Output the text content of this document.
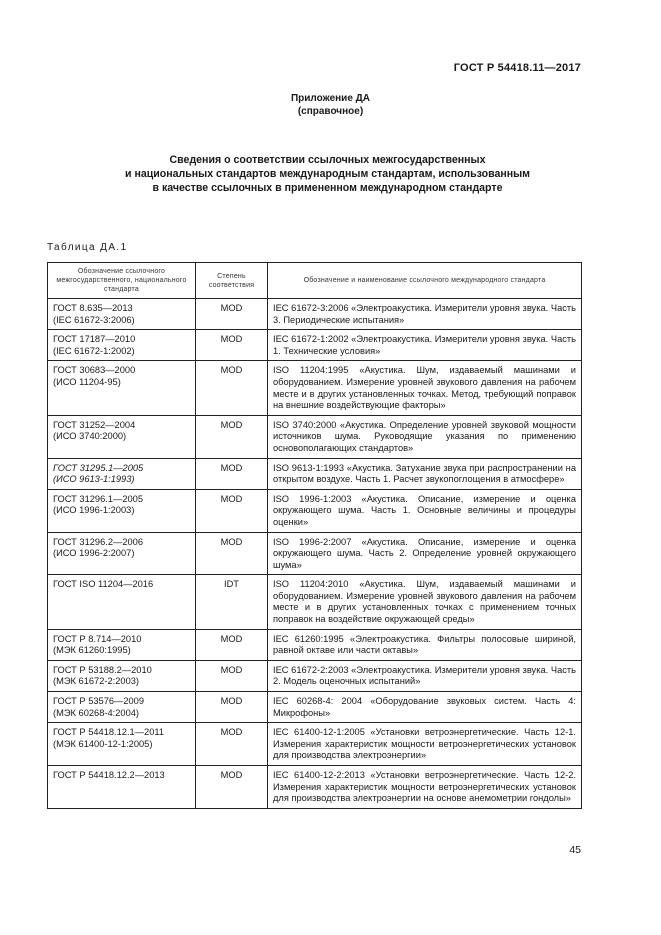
ГОСТ Р 54418.11—2017
Приложение ДА
(справочное)
Сведения о соответствии ссылочных межгосударственных
и национальных стандартов международным стандартам, использованным
в качестве ссылочных в примененном международном стандарте
Таблица ДА.1
Обозначение ссылочного межгосударственного, национального стандарта	Степень соответствия	Обозначение и наименование ссылочного международного стандарта

ГОСТ 8.635—2013
(IEC 61672-3:2006)	MOD	IEC 61672-3:2006 «Электроакустика. Измерители уровня звука. Часть 3. Периодические испытания»

ГОСТ 17187—2010
(IEC 61672-1:2002)	MOD	IEC 61672-1:2002 «Электроакустика. Измерители уровня звука. Часть 1. Технические условия»

ГОСТ 30683—2000
(ИСО 11204-95)	MOD	ISO 11204:1995 «Акустика. Шум, издаваемый машинами и оборудованием. Измерение уровней звукового давления на рабочем месте и в других установленных точках. Метод, требующий поправок на внешние воздействующие факторы»

ГОСТ 31252—2004
(ИСО 3740:2000)	MOD	ISO 3740:2000 «Акустика. Определение уровней звуковой мощности источников шума. Руководящие указания по применению основополагающих стандартов»

ГОСТ 31295.1—2005
(ИСО 9613-1:1993)	MOD	ISO 9613-1:1993 «Акустика. Затухание звука при распространении на открытом воздухе. Часть 1. Расчет звукопоглощения в атмосфере»

ГОСТ 31296.1—2005
(ИСО 1996-1:2003)	MOD	ISO 1996-1:2003 «Акустика. Описание, измерение и оценка окружающего шума. Часть 1. Основные величины и процедуры оценки»

ГОСТ 31296.2—2006
(ИСО 1996-2:2007)	MOD	ISO 1996-2:2007 «Акустика. Описание, измерение и оценка окружающего шума. Часть 2. Определение уровней окружающего шума»

ГОСТ ISO 11204—2016	IDT	ISO 11204:2010 «Акустика. Шум, издаваемый машинами и оборудованием. Измерение уровней звукового давления на рабочем месте и в других установленных точках с применением точных поправок на воздействие окружающей среды»

ГОСТ Р 8.714—2010
(МЭК 61260:1995)	MOD	IEC 61260:1995 «Электроакустика. Фильтры полосовые шириной, равной октаве или части октавы»

ГОСТ Р 53188.2—2010
(МЭК 61672-2:2003)	MOD	IEC 61672-2:2003 «Электроакустика. Измерители уровня звука. Часть 2. Модель оценочных испытаний»

ГОСТ Р 53576—2009
(МЭК 60268-4:2004)	MOD	IEC 60268-4: 2004 «Оборудование звуковых систем. Часть 4: Микрофоны»

ГОСТ Р 54418.12.1—2011
(МЭК 61400-12-1:2005)	MOD	IEC 61400-12-1:2005 «Установки ветроэнергетические. Часть 12-1. Измерения характеристик мощности ветроэнергетических установок для производства электроэнергии»

ГОСТ Р 54418.12.2—2013	MOD	IEC 61400-12-2:2013 «Установки ветроэнергетические. Часть 12-2. Измерения характеристик мощности ветроэнергетических установок для производства электроэнергии на основе анемометрии гондолы»
45
